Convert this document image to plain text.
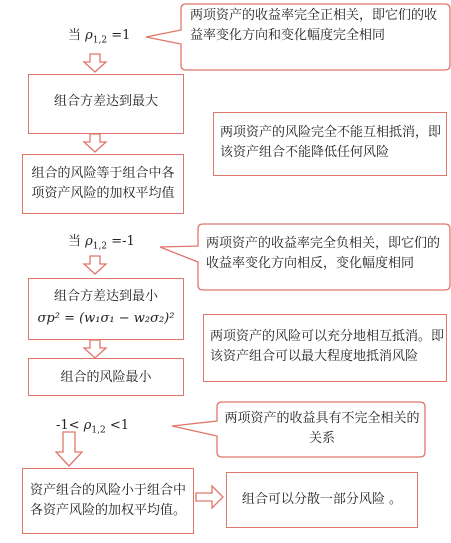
当 $\rho_{1,2} =1$
两项资产的收益率完全正相关，即它们的收益率变化方向和变化幅度完全相同
组合方差达到最大
两项资产的风险完全不能互相抵消，即该资产组合不能降低任何风险
组合的风险等于组合中各项资产风险的加权平均值
当 $\rho_{1,2} =-1$	两项资产的收益率完全负相关，即它们的收益率变化方向相反，变化幅度相同
组合方差达到最小
σp² = (w₁σ₁ − w₂σ₂)²
两项资产的风险可以充分地相互抵消。即该资产组合可以最大程度地抵消风险
组合的风险最小
$-1< \rho_{1,2} <1$	两项资产的收益具有不完全相关的关系
资产组合的风险小于组合中各资产风险的加权平均值。
组合可以分散一部分风险 。
